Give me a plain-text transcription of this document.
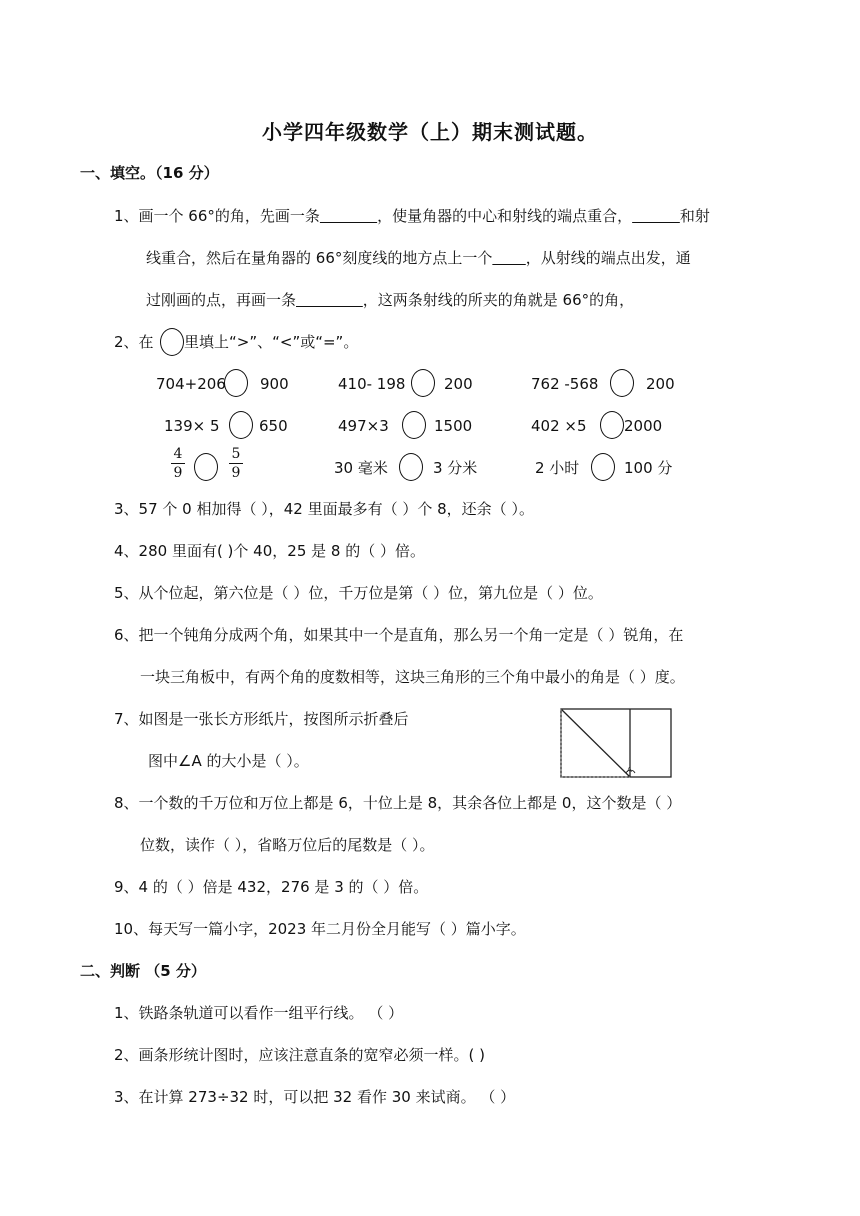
小学四年级数学（上）期末测试题。
一、填空。（16 分）
1、画一个 66°的角，先画一条	，使量角器的中心和射线的端点重合，	和射
线重合，然后在量角器的 66°刻度线的地方点上一个 ，从射线的端点出发，通
过刚画的点，再画一条	，这两条射线的所夹的角就是 66°的角，
2、在 里填上“>”、“<”或“=”。
704+206 900	410- 198	200	762 -568	200
139× 5	650	497×3	1500	402 ×5 2000
4
9
5
9	30 毫米	3 分米	2 小时	100 分
3、57 个 0 相加得（ ），42 里面最多有（ ）个 8，还余（ ）。
4、280 里面有( )个 40，25 是 8 的（ ）倍。
5、从个位起，第六位是（ ）位，千万位是第（ ）位，第九位是（ ）位。
6、把一个钝角分成两个角，如果其中一个是直角，那么另一个角一定是（ ）锐角，在
一块三角板中，有两个角的度数相等，这块三角形的三个角中最小的角是（ ）度。
7、如图是一张长方形纸片，按图所示折叠后
图中∠A 的大小是（ ）。	A
8、一个数的千万位和万位上都是 6，十位上是 8，其余各位上都是 0，这个数是（ ）
位数，读作（ ），省略万位后的尾数是（ ）。
9、4 的（ ）倍是 432，276 是 3 的（ ）倍。
10、每天写一篇小字，2023 年二月份全月能写（ ）篇小字。
二、判断 （5 分）
1、铁路条轨道可以看作一组平行线。 （ ）
2、画条形统计图时，应该注意直条的宽窄必须一样。( )
3、在计算 273÷32 时，可以把 32 看作 30 来试商。 （ ）
